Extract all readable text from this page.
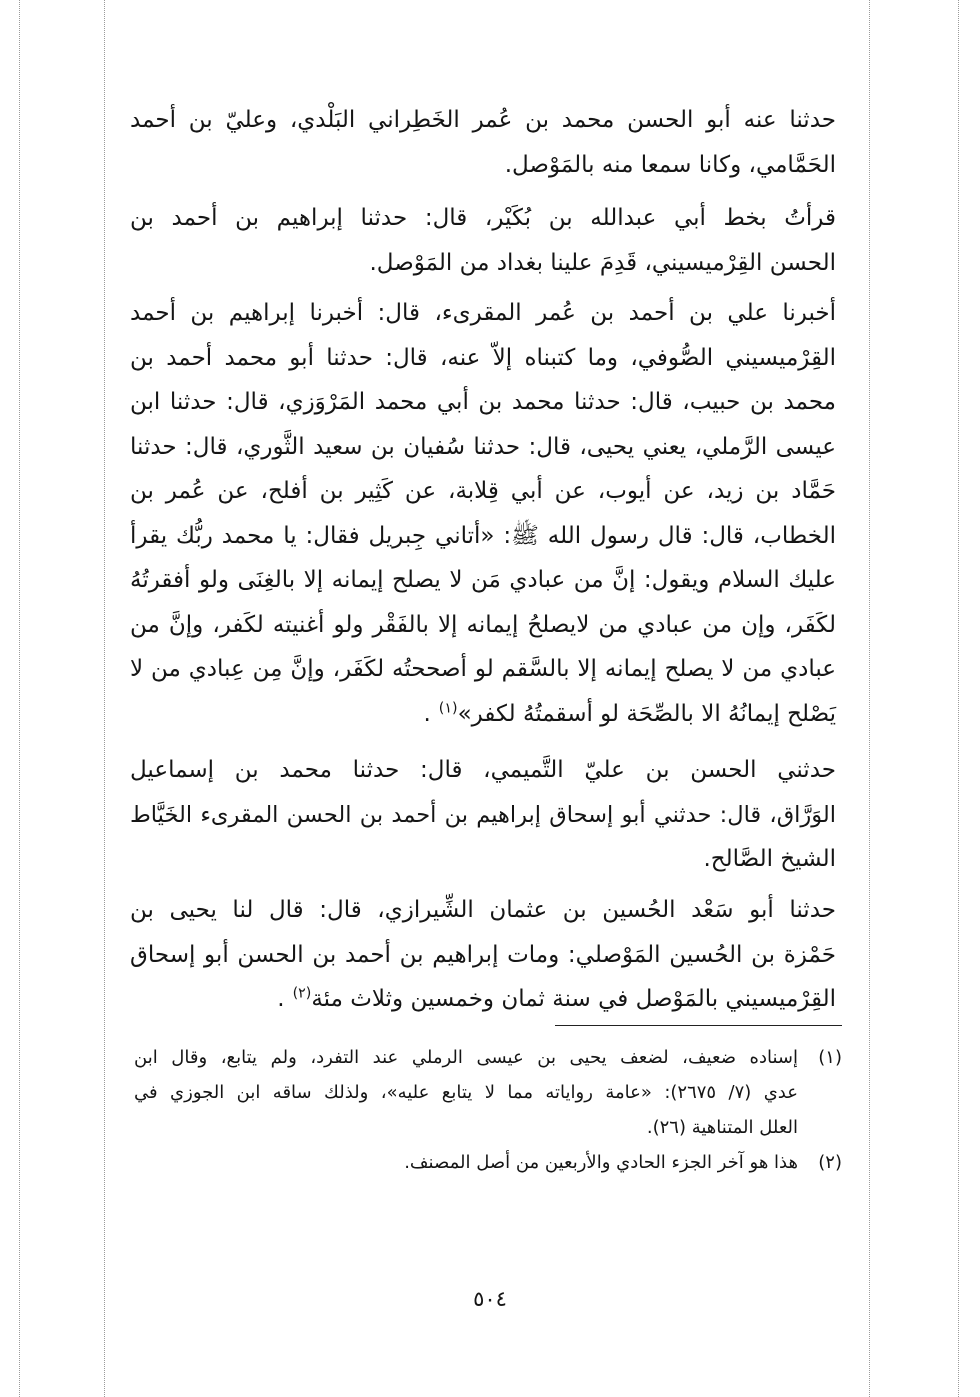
حدثنا عنه أبو الحسن محمد بن عُمر الخَطِراني البَلْدي، وعليّ بن أحمد
الحَمَّامي، وكانا سمعا منه بالمَوْصل.
قرأتُ بخط أبي عبدالله بن بُكَيْر، قال: حدثنا إبراهيم بن أحمد بن
الحسن القِرْميسيني، قَدِمَ علينا بغداد من المَوْصل.
أخبرنا علي بن أحمد بن عُمر المقرىء، قال: أخبرنا إبراهيم بن أحمد
القِرْميسيني الصُّوفي، وما كتبناه إلاّ عنه، قال: حدثنا أبو محمد أحمد بن
محمد بن حبيب، قال: حدثنا محمد بن أبي محمد المَرْوَزي، قال: حدثنا ابن
عيسى الرَّملي، يعني يحيى، قال: حدثنا سُفيان بن سعيد الثَّوري، قال: حدثنا
حَمَّاد بن زيد، عن أيوب، عن أبي قِلابة، عن كَثِير بن أفلح، عن عُمر بن
الخطاب، قال: قال رسول الله ﷺ: «أتاني جِبريل فقال: يا محمد ربُّك يقرأ
عليك السلام ويقول: إنَّ من عبادي مَن لا يصلح إيمانه إلا بالغِنَى ولو أفقرتُهُ
لكَفَر، وإن من عبادي من لايصلحُ إيمانه إلا بالفَقْر ولو أغنيته لكَفر، وإنَّ من
عبادي من لا يصلح إيمانه إلا بالسَّقم لو أصححتُه لكَفَر، وإنَّ مِن عِبادي من لا
يَصْلح إيمانُهُ الا بالصِّحَة لو أسقمتُهُ لكفر»$^{(١)}$.
حدثني الحسن بن عليّ التَّميمي، قال: حدثنا محمد بن إسماعيل
الوَرَّاق، قال: حدثني أبو إسحاق إبراهيم بن أحمد بن الحسن المقرىء الخَيَّاط
الشيخ الصَّالح.
حدثنا أبو سَعْد الحُسين بن عثمان الشِّيرازي، قال: قال لنا يحيى بن
حَمْزة بن الحُسين المَوْصلي: ومات إبراهيم بن أحمد بن الحسن أبو إسحاق
القِرْميسيني بالمَوْصل في سنة ثمان وخمسين وثلاث مئة$^{(٢)}$.
(١)
إسناده ضعيف، لضعف يحيى بن عيسى الرملي عند التفرد، ولم يتابع، وقال ابن
عدي (٧/ ٢٦٧٥): «عامة رواياته مما لا يتابع عليه»، ولذلك ساقه ابن الجوزي في
العلل المتناهية (٢٦).
(٢)
هذا هو آخر الجزء الحادي والأربعين من أصل المصنف.
٥٠٤
